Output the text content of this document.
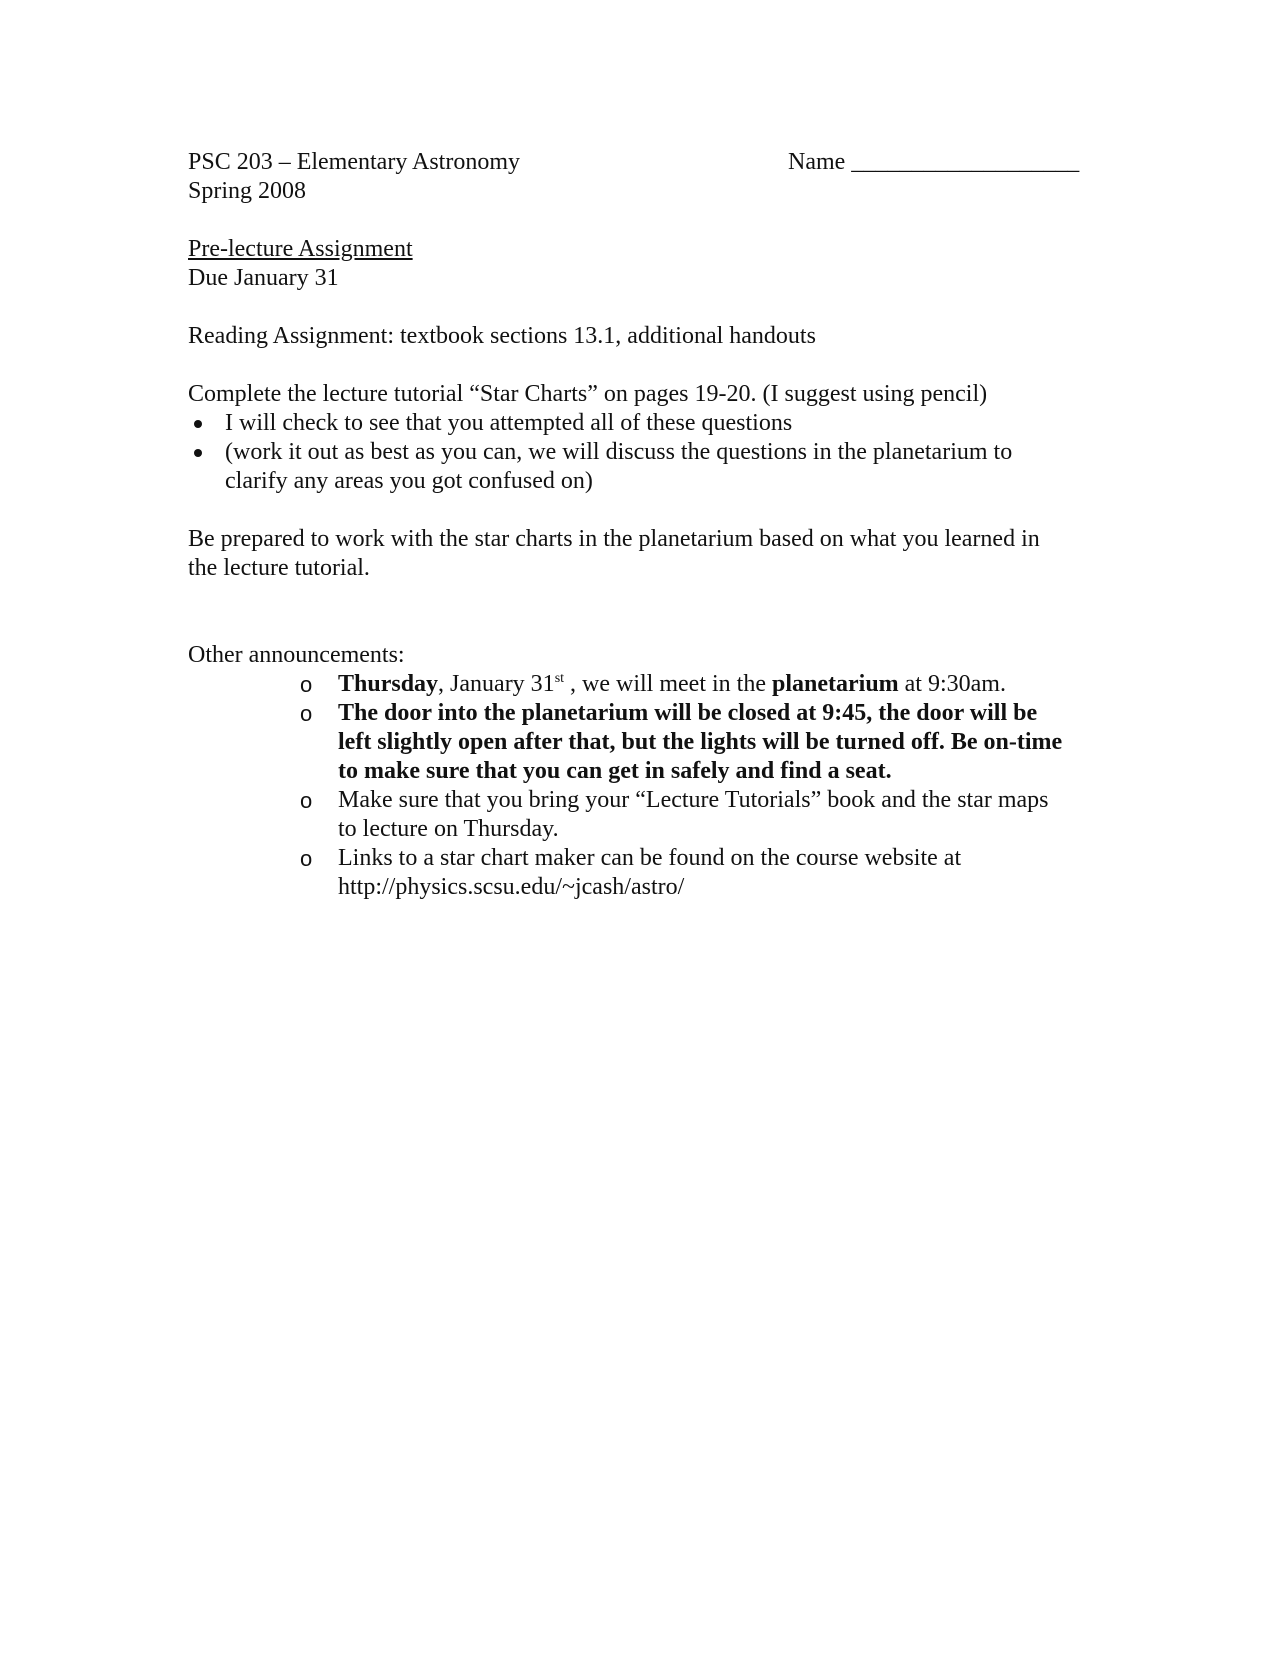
PSC 203 – Elementary Astronomy	Name ___________________
Spring 2008
Pre-lecture Assignment
Due January 31
Reading Assignment: textbook sections 13.1, additional handouts
Complete the lecture tutorial “Star Charts” on pages 19-20. (I suggest using pencil)
I will check to see that you attempted all of these questions
(work it out as best as you can, we will discuss the questions in the planetarium to clarify any areas you got confused on)
Be prepared to work with the star charts in the planetarium based on what you learned in the lecture tutorial.
Other announcements:
o Thursday, January 31st , we will meet in the planetarium at 9:30am.
o The door into the planetarium will be closed at 9:45, the door will be left slightly open after that, but the lights will be turned off. Be on-time to make sure that you can get in safely and find a seat.
o Make sure that you bring your “Lecture Tutorials” book and the star maps to lecture on Thursday.
o Links to a star chart maker can be found on the course website at
http://physics.scsu.edu/~jcash/astro/
